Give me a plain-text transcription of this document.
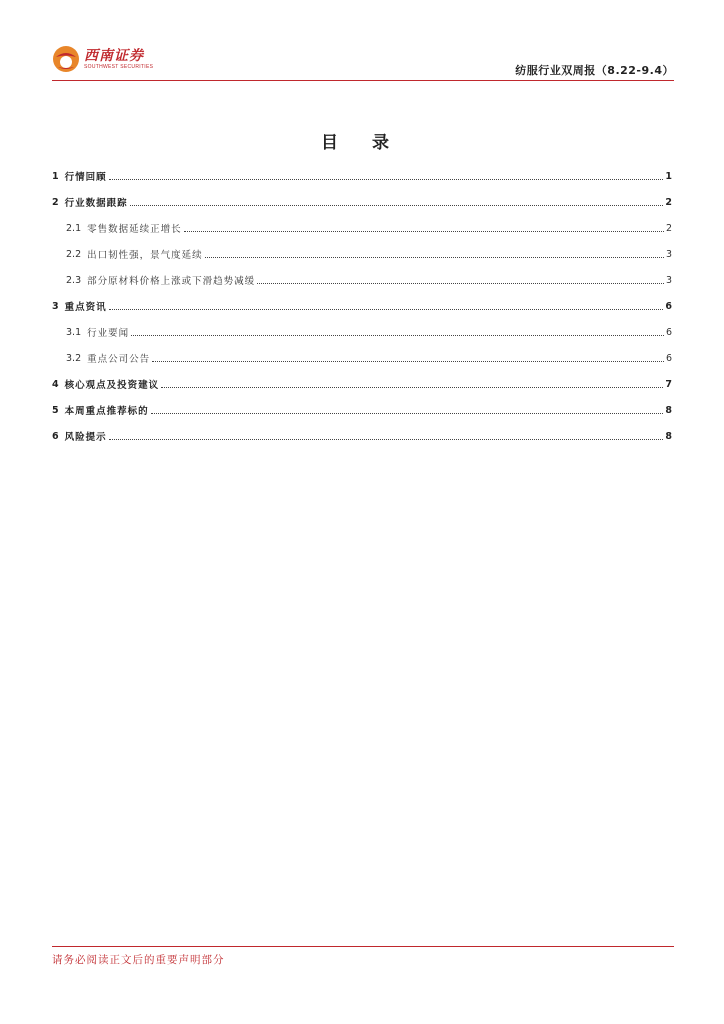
西南证券
SOUTHWEST SECURITIES	纺服行业双周报（8.22-9.4）
目 录
1 行情回顾	1
2 行业数据跟踪	2
2.1 零售数据延续正增长	2
2.2 出口韧性强，景气度延续	3
2.3 部分原材料价格上涨或下滑趋势减缓	3
3 重点资讯	6
3.1 行业要闻	6
3.2 重点公司公告	6
4 核心观点及投资建议	7
5 本周重点推荐标的	8
6 风险提示	8
请务必阅读正文后的重要声明部分
